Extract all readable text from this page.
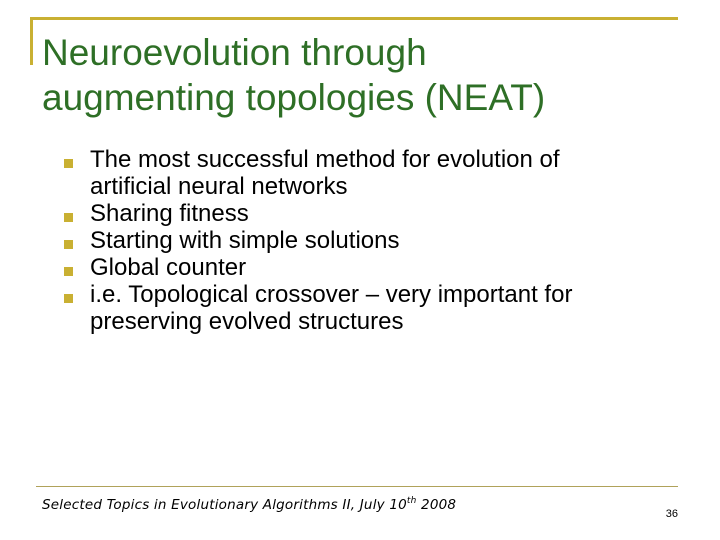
Neuroevolution through
augmenting topologies (NEAT)
The most successful method for evolution of
artificial neural networks
Sharing fitness
Starting with simple solutions
Global counter
i.e. Topological crossover – very important for
preserving evolved structures
Selected Topics in Evolutionary Algorithms II, July 10th 2008
36
